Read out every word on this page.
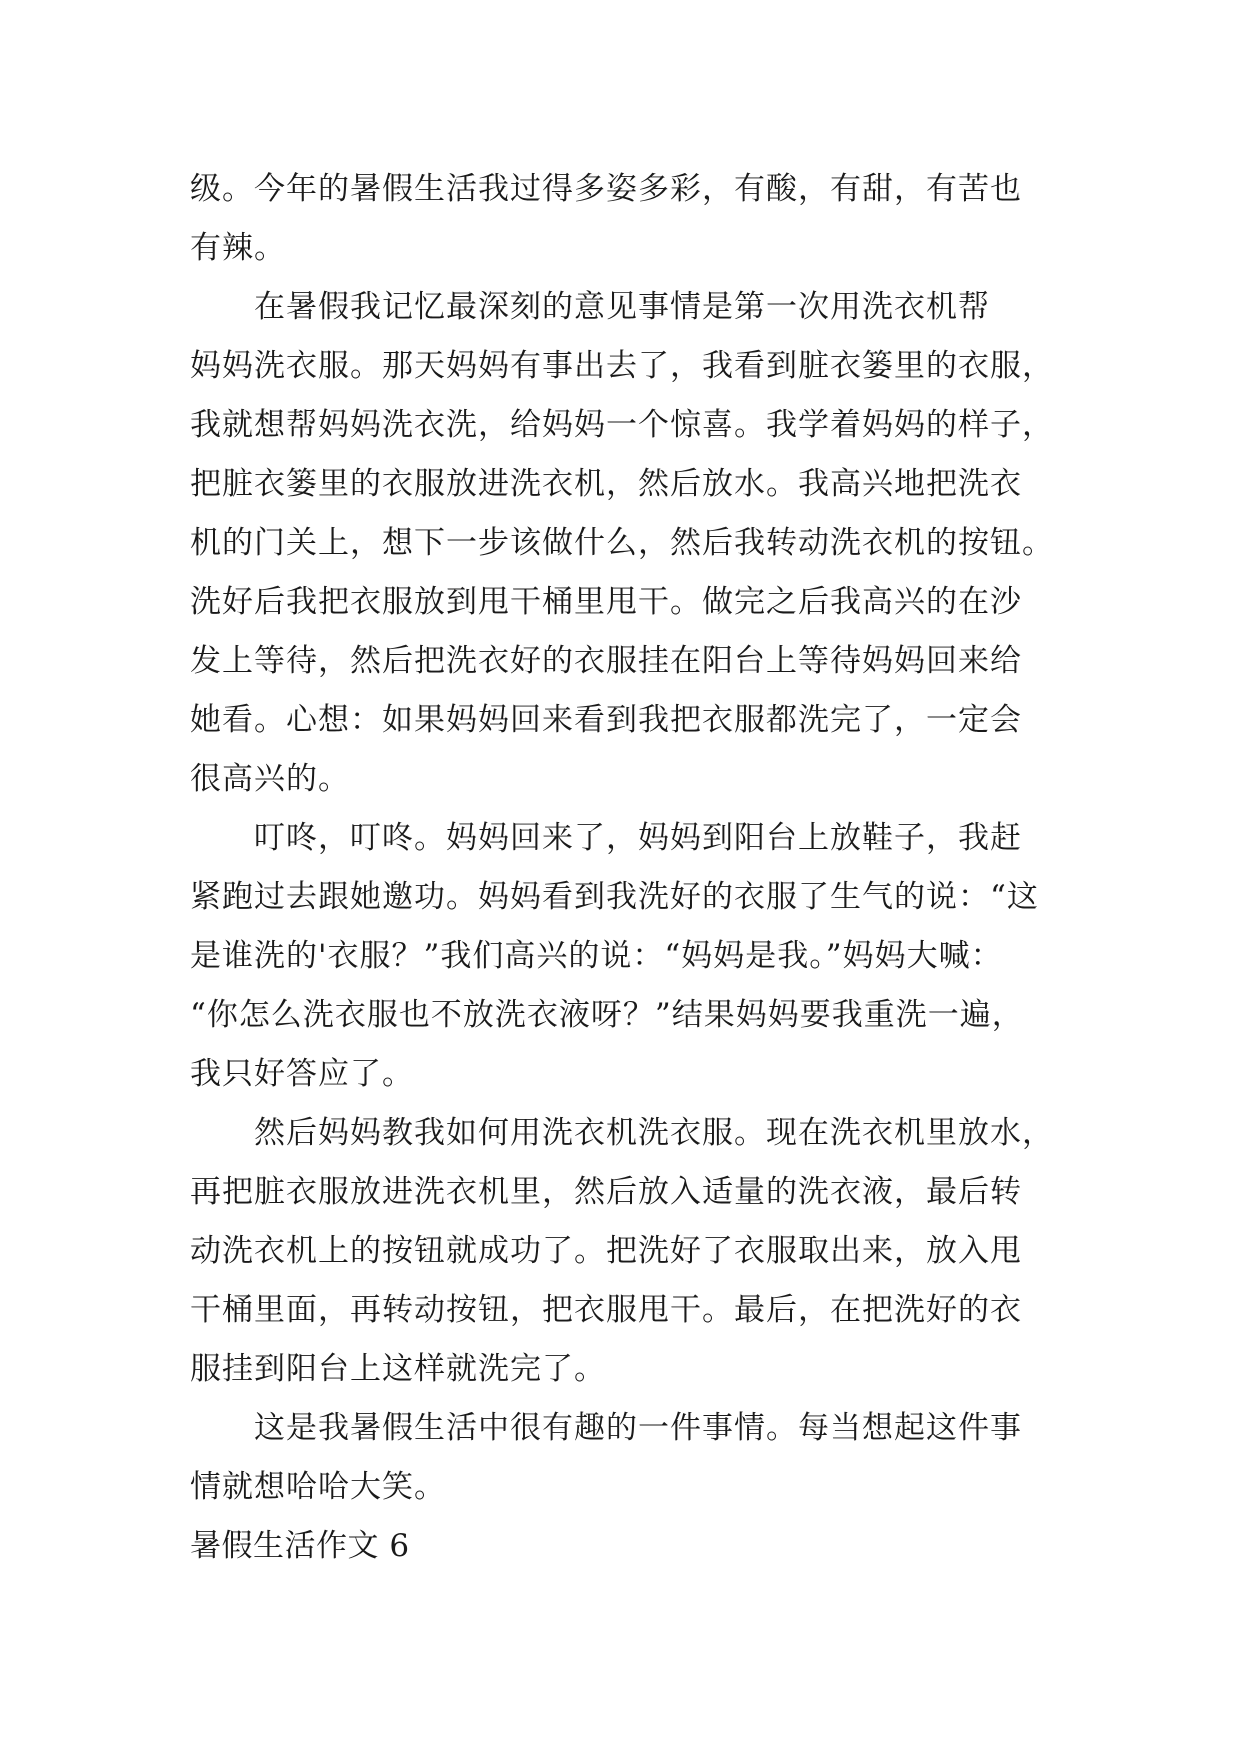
级。今年的暑假生活我过得多姿多彩，有酸，有甜，有苦也
有辣。
在暑假我记忆最深刻的意见事情是第一次用洗衣机帮
妈妈洗衣服。那天妈妈有事出去了，我看到脏衣篓里的衣服，
我就想帮妈妈洗衣洗，给妈妈一个惊喜。我学着妈妈的样子，
把脏衣篓里的衣服放进洗衣机，然后放水。我高兴地把洗衣
机的门关上，想下一步该做什么，然后我转动洗衣机的按钮。
洗好后我把衣服放到甩干桶里甩干。做完之后我高兴的在沙
发上等待，然后把洗衣好的衣服挂在阳台上等待妈妈回来给
她看。心想：如果妈妈回来看到我把衣服都洗完了，一定会
很高兴的。
叮咚，叮咚。妈妈回来了，妈妈到阳台上放鞋子，我赶
紧跑过去跟她邀功。妈妈看到我洗好的衣服了生气的说：“这
是谁洗的'衣服？”我们高兴的说：“妈妈是我。”妈妈大喊：
“你怎么洗衣服也不放洗衣液呀？”结果妈妈要我重洗一遍，
我只好答应了。
然后妈妈教我如何用洗衣机洗衣服。现在洗衣机里放水，
再把脏衣服放进洗衣机里，然后放入适量的洗衣液，最后转
动洗衣机上的按钮就成功了。把洗好了衣服取出来，放入甩
干桶里面，再转动按钮，把衣服甩干。最后，在把洗好的衣
服挂到阳台上这样就洗完了。
这是我暑假生活中很有趣的一件事情。每当想起这件事
情就想哈哈大笑。
暑假生活作文 6
